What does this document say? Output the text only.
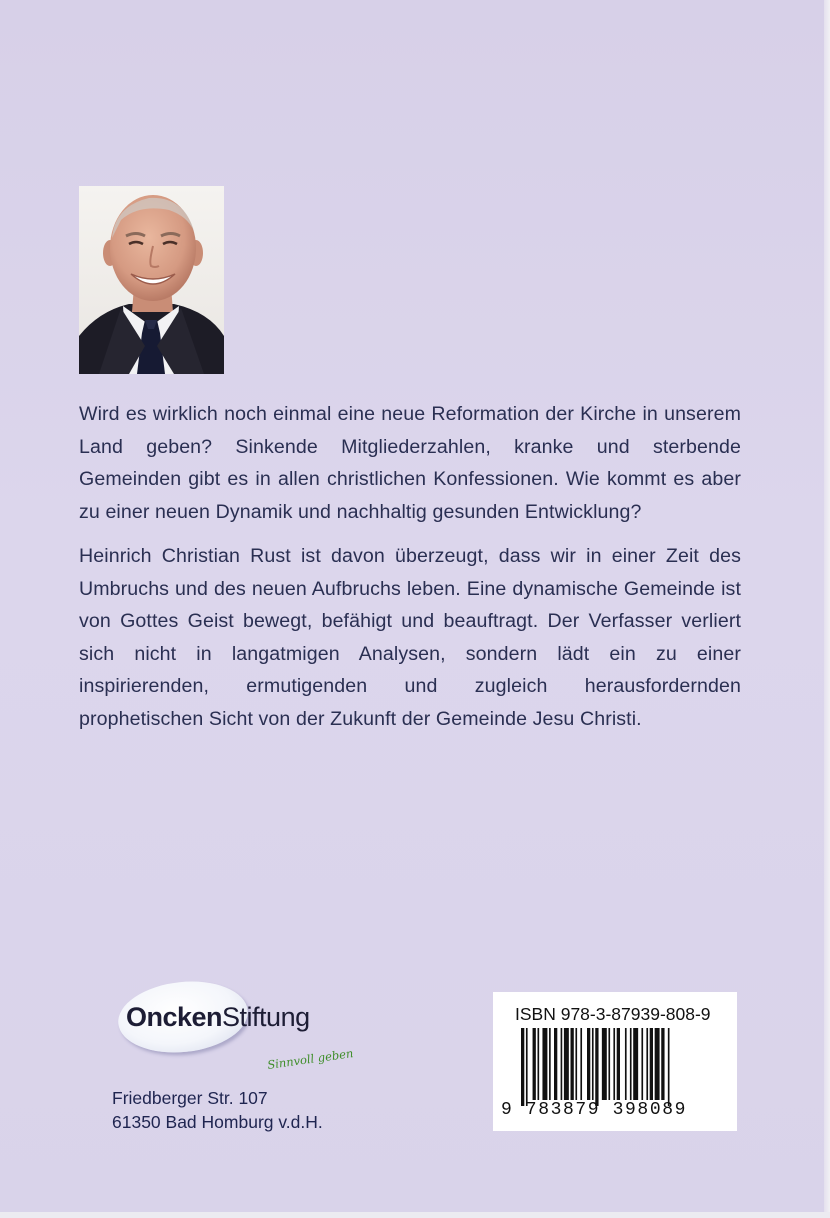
Wird es wirklich noch einmal eine neue Reformation der Kirche in unserem Land geben? Sinkende Mitgliederzahlen, kranke und sterbende Gemeinden gibt es in allen christlichen Konfessionen. Wie kommt es aber zu einer neuen Dynamik und nachhaltig gesunden Entwicklung?

Heinrich Christian Rust ist davon überzeugt, dass wir in einer Zeit des Umbruchs und des neuen Aufbruchs leben. Eine dynamische Gemeinde ist von Gottes Geist bewegt, befähigt und beauftragt. Der Verfasser verliert sich nicht in langatmigen Analysen, sondern lädt ein zu einer inspirierenden, ermutigenden und zugleich herausfordernden prophetischen Sicht von der Zukunft der Gemeinde Jesu Christi.

OnckenStiftung
Sinnvoll geben
Friedberger Str. 107
61350 Bad Homburg v.d.H.
ISBN 978-3-87939-808-9
9 783879 398089
